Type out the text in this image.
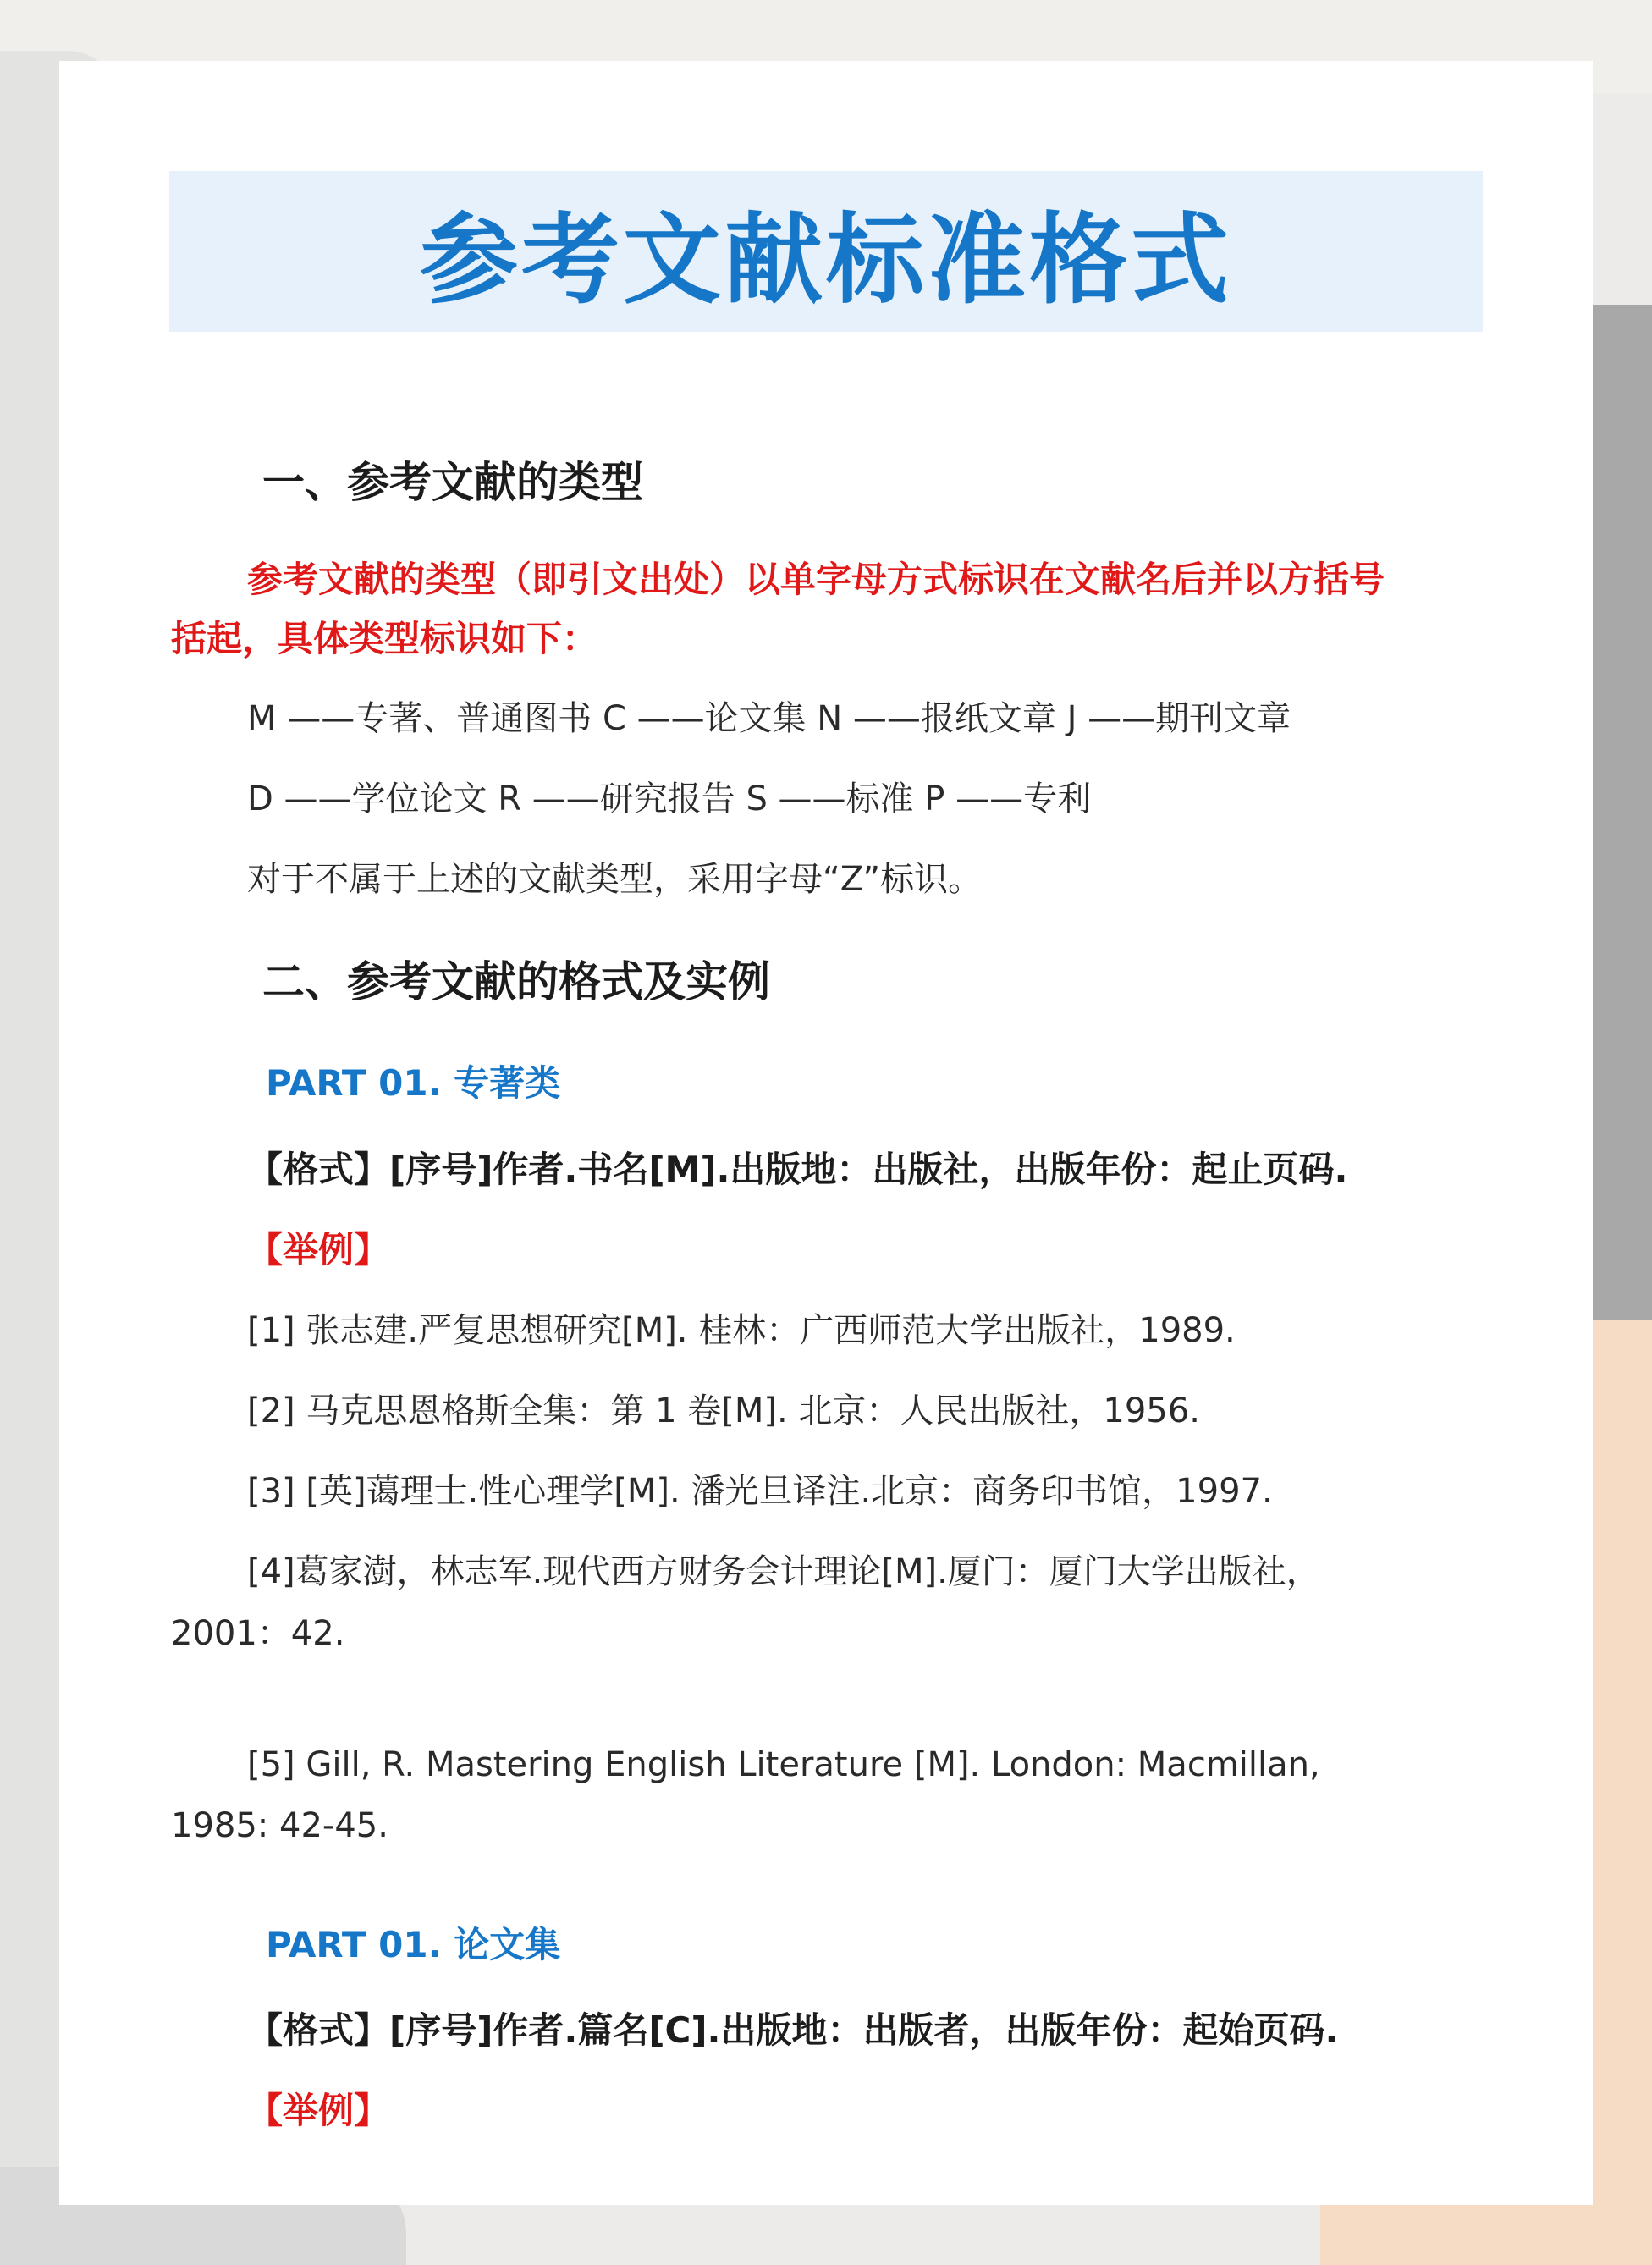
参考文献标准格式
一、参考文献的类型
参考文献的类型（即引文出处）以单字母方式标识在文献名后并以方括号
括起，具体类型标识如下：
M ——专著、普通图书 C ——论文集 N ——报纸文章 J ——期刊文章
D ——学位论文 R ——研究报告 S ——标准 P ——专利
对于不属于上述的文献类型，采用字母“Z”标识。
二、参考文献的格式及实例
PART 01. 专著类
【格式】[序号]作者.书名[M].出版地：出版社，出版年份：起止页码.
【举例】
[1] 张志建.严复思想研究[M]. 桂林：广西师范大学出版社，1989.
[2] 马克思恩格斯全集：第 1 卷[M]. 北京：人民出版社，1956.
[3] [英]蔼理士.性心理学[M]. 潘光旦译注.北京：商务印书馆，1997.
[4]葛家澍，林志军.现代西方财务会计理论[M].厦门：厦门大学出版社，
2001：42.
[5] Gill, R. Mastering English Literature [M]. London: Macmillan,
1985: 42-45.
PART 01. 论文集
【格式】[序号]作者.篇名[C].出版地：出版者，出版年份：起始页码.
【举例】
